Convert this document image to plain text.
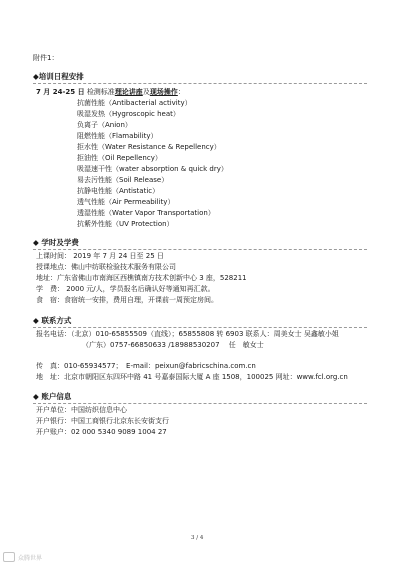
附件1：
◆培训日程安排
7 月 24-25 日 检测标准理论讲座及现场操作：
抗菌性能（Antibacterial activity）
吸湿发热（Hygroscopic heat）
负离子（Anion）
阻燃性能（Flamability）
拒水性（Water Resistance & Repellency）
拒油性（Oil Repellency）
吸湿速干性（water absorption & quick dry）
易去污性能（Soil Release）
抗静电性能（Antistatic）
透气性能（Air Permeability）
透湿性能（Water Vapor Transportation）
抗紫外性能（UV Protection）
◆ 学时及学费
上课时间： 2019 年 7 月 24 日至 25 日
授课地点：佛山中纺联检验技术服务有限公司
地址：广东省佛山市南海区西樵镇南方技术创新中心 3 座，528211
学　费： 2000 元/人，学员报名后确认好等通知再汇款。
食　宿：食宿统一安排，费用自理，开课前一周预定房间。
◆ 联系方式
报名电话：（北京）010-65855509（直线）；65855808 转 6903 联系人：周美女士 吴鑫敏小姐
（广东）0757-66850633 /18988530207　 任　敏女士
传　真：010-65934577；　E-mail：peixun@fabricschina.com.cn
地　址：北京市朝阳区东四环中路 41 号嘉泰国际大厦 A 座 1508，100025 网址：www.fcl.org.cn
◆ 账户信息
开户单位：中国纺织信息中心
开户银行：中国工商银行北京东长安街支行
开户账户：02 000 5340 9089 1004 27
3 / 4
众腾世界
